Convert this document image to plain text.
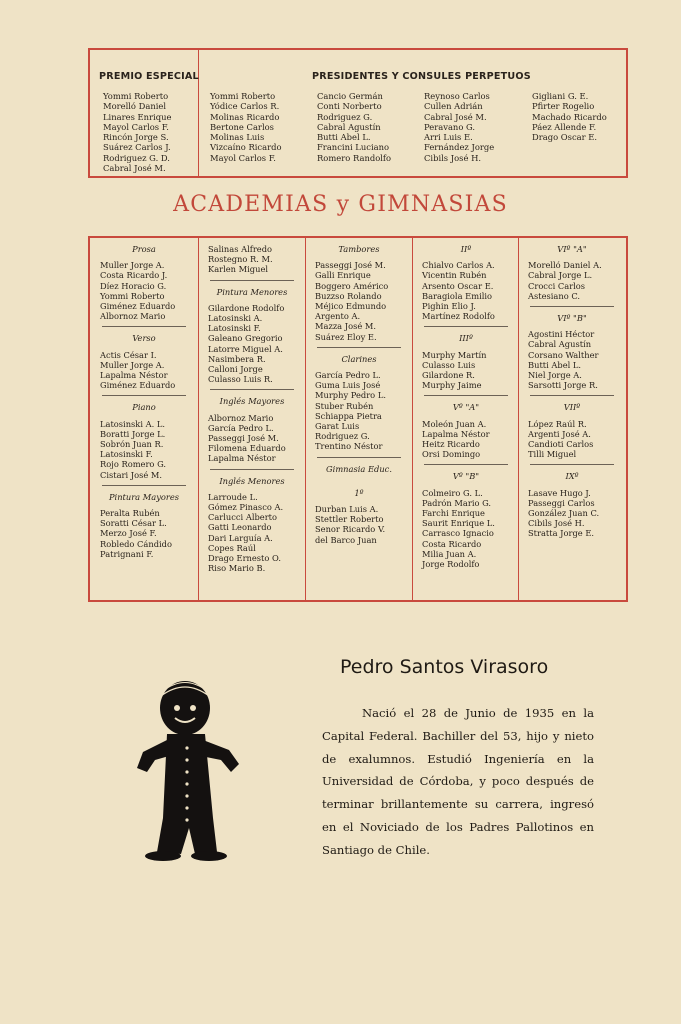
PREMIO ESPECIAL
Yommi Roberto
Morelló Daniel
Linares Enrique
Mayol Carlos F.
Rincón Jorge S.
Suárez Carlos J.
Rodriguez G. D.
Cabral José M.
PRESIDENTES Y CONSULES PERPETUOS
Yommi Roberto
Yódice Carlos R.
Molinas Ricardo
Bertone Carlos
Molinas Luis
Vizcaíno Ricardo
Mayol Carlos F.
Cancio Germán
Conti Norberto
Rodriguez G.
Cabral Agustín
Butti Abel L.
Francini Luciano
Romero Randolfo
Reynoso Carlos
Cullen Adrián
Cabral José M.
Peravano G.
Arri Luis E.
Fernández Jorge
Cibils José H.
Gigliani G. E.
Pfirter Rogelio
Machado Ricardo
Páez Allende F.
Drago Oscar E.
ACADEMIAS y GIMNASIAS
Prosa
Muller Jorge A.
Costa Ricardo J.
Díez Horacio G.
Yommi Roberto
Giménez Eduardo
Albornoz Mario
Verso
Actis César I.
Muller Jorge A.
Lapalma Néstor
Giménez Eduardo
Piano
Latosinski A. L.
Boratti Jorge L.
Sobrón Juan R.
Latosinski F.
Rojo Romero G.
Cistari José M.
Pintura Mayores
Peralta Rubén
Soratti César L.
Merzo José F.
Robledo Cándido
Patrignani F.
Salinas Alfredo
Rostegno R. M.
Karlen Miguel
Pintura Menores
Gilardone Rodolfo
Latosinski A.
Latosinski F.
Galeano Gregorio
Latorre Miguel A.
Nasimbera R.
Calloni Jorge
Culasso Luis R.
Inglés Mayores
Albornoz Mario
García Pedro L.
Passeggi José M.
Filomena Eduardo
Lapalma Néstor
Inglés Menores
Larroude L.
Gómez Pinasco A.
Carlucci Alberto
Gatti Leonardo
Dari Larguía A.
Copes Raúl
Drago Ernesto O.
Riso Mario B.
Tambores
Passeggi José M.
Galli Enrique
Boggero Américo
Buzzso Rolando
Méjico Edmundo
Argento A.
Mazza José M.
Suárez Eloy E.
Clarines
García Pedro L.
Guma Luis José
Murphy Pedro L.
Stuber Rubén
Schiappa Pietra
Garat Luis
Rodriguez G.
Trentino Néstor
Gimnasia Educ.
1º
Durban Luis A.
Stettler Roberto
Senor Ricardo V.
del Barco Juan
IIº
Chialvo Carlos A.
Vicentin Rubén
Arsento Oscar E.
Baragiola Emilio
Pighin Elio J.
Martínez Rodolfo
IIIº
Murphy Martín
Culasso Luis
Gilardone R.
Murphy Jaime
Vº "A"
Moleón Juan A.
Lapalma Néstor
Heitz Ricardo
Orsi Domingo
Vº "B"
Colmeiro G. L.
Padrón Mario G.
Farchi Enrique
Saurit Enrique L.
Carrasco Ignacio
Costa Ricardo
Milia Juan A.
Jorge Rodolfo
VIº "A"
Morelló Daniel A.
Cabral Jorge L.
Crocci Carlos
Astesiano C.
VIº "B"
Agostini Héctor
Cabral Agustín
Corsano Walther
Butti Abel L.
Niel Jorge A.
Sarsotti Jorge R.
VIIº
López Raúl R.
Argenti José A.
Candioti Carlos
Tilli Miguel
IXº
Lasave Hugo J.
Passeggi Carlos
González Juan C.
Cibils José H.
Stratta Jorge E.
Pedro Santos Virasoro

Nació el 28 de Junio de 1935 en la Capital Federal. Bachiller del 53, hijo y nieto de exalumnos. Estudió Ingeniería en la Universidad de Córdoba, y poco después de terminar brillantemente su carrera, ingresó en el Noviciado de los Padres Pallotinos en Santiago de Chile.
